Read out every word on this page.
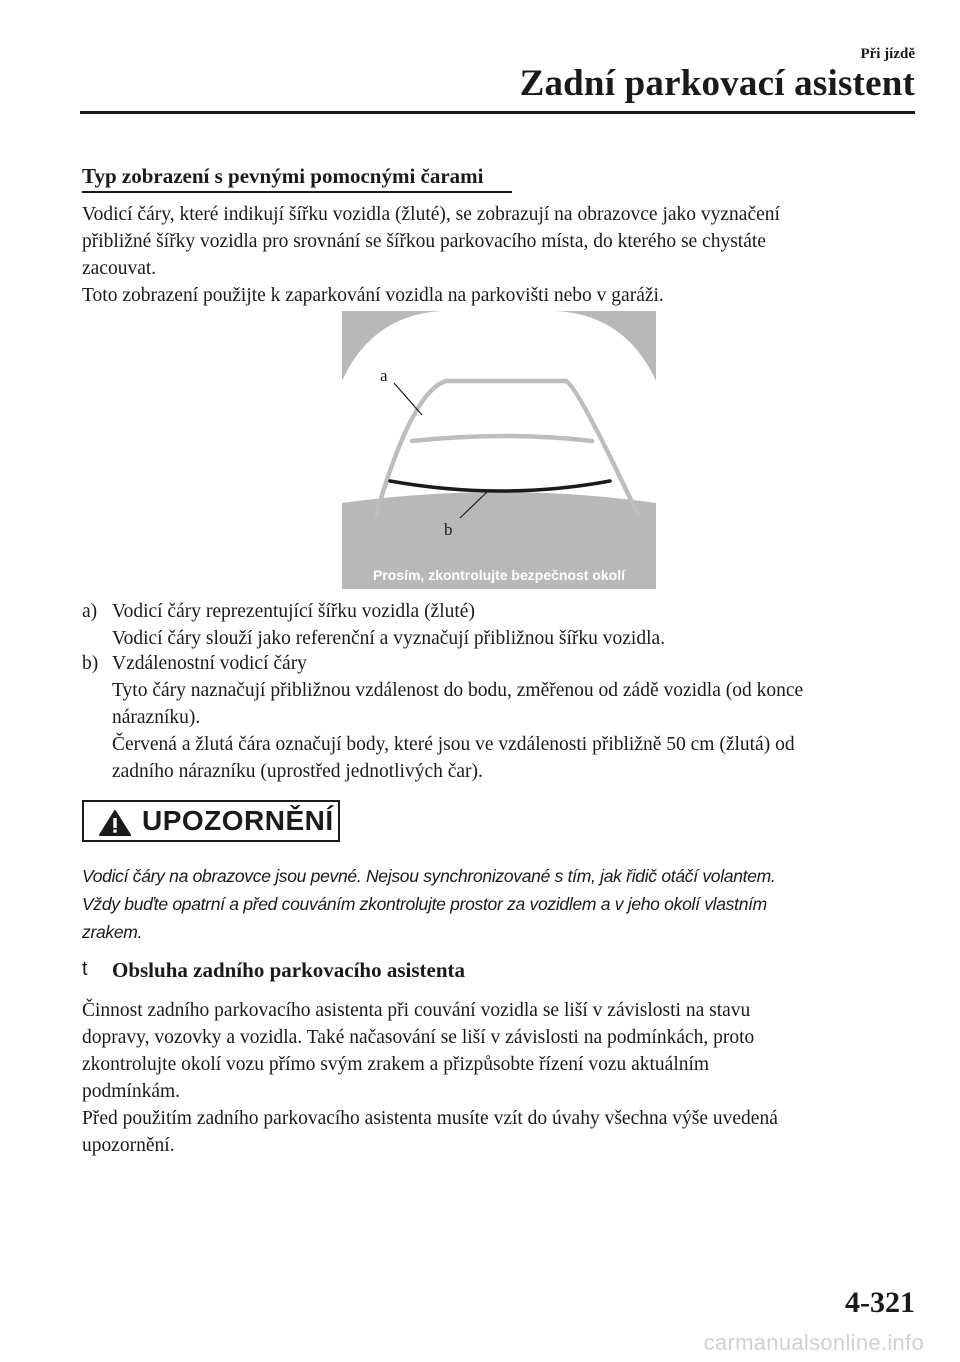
Při jízdě
Zadní parkovací asistent
Typ zobrazení s pevnými pomocnými čarami
Vodicí čáry, které indikují šířku vozidla (žluté), se zobrazují na obrazovce jako vyznačení
přibližné šířky vozidla pro srovnání se šířkou parkovacího místa, do kterého se chystáte
zacouvat.
Toto zobrazení použijte k zaparkování vozidla na parkovišti nebo v garáži.
a
b
Prosím, zkontrolujte bezpečnost okolí
a) Vodicí čáry reprezentující šířku vozidla (žluté)
Vodicí čáry slouží jako referenční a vyznačují přibližnou šířku vozidla.
b) Vzdálenostní vodicí čáry
Tyto čáry naznačují přibližnou vzdálenost do bodu, změřenou od zádě vozidla (od konce
nárazníku).
Červená a žlutá čára označují body, které jsou ve vzdálenosti přibližně 50 cm (žlutá) od
zadního nárazníku (uprostřed jednotlivých čar).
UPOZORNĚNÍ
Vodicí čáry na obrazovce jsou pevné. Nejsou synchronizované s tím, jak řidič otáčí volantem.
Vždy buďte opatrní a před couváním zkontrolujte prostor za vozidlem a v jeho okolí vlastním
zrakem.
t Obsluha zadního parkovacího asistenta
Činnost zadního parkovacího asistenta při couvání vozidla se liší v závislosti na stavu
dopravy, vozovky a vozidla. Také načasování se liší v závislosti na podmínkách, proto
zkontrolujte okolí vozu přímo svým zrakem a přizpůsobte řízení vozu aktuálním
podmínkám.
Před použitím zadního parkovacího asistenta musíte vzít do úvahy všechna výše uvedená
upozornění.
4-321
carmanualsonline.info
